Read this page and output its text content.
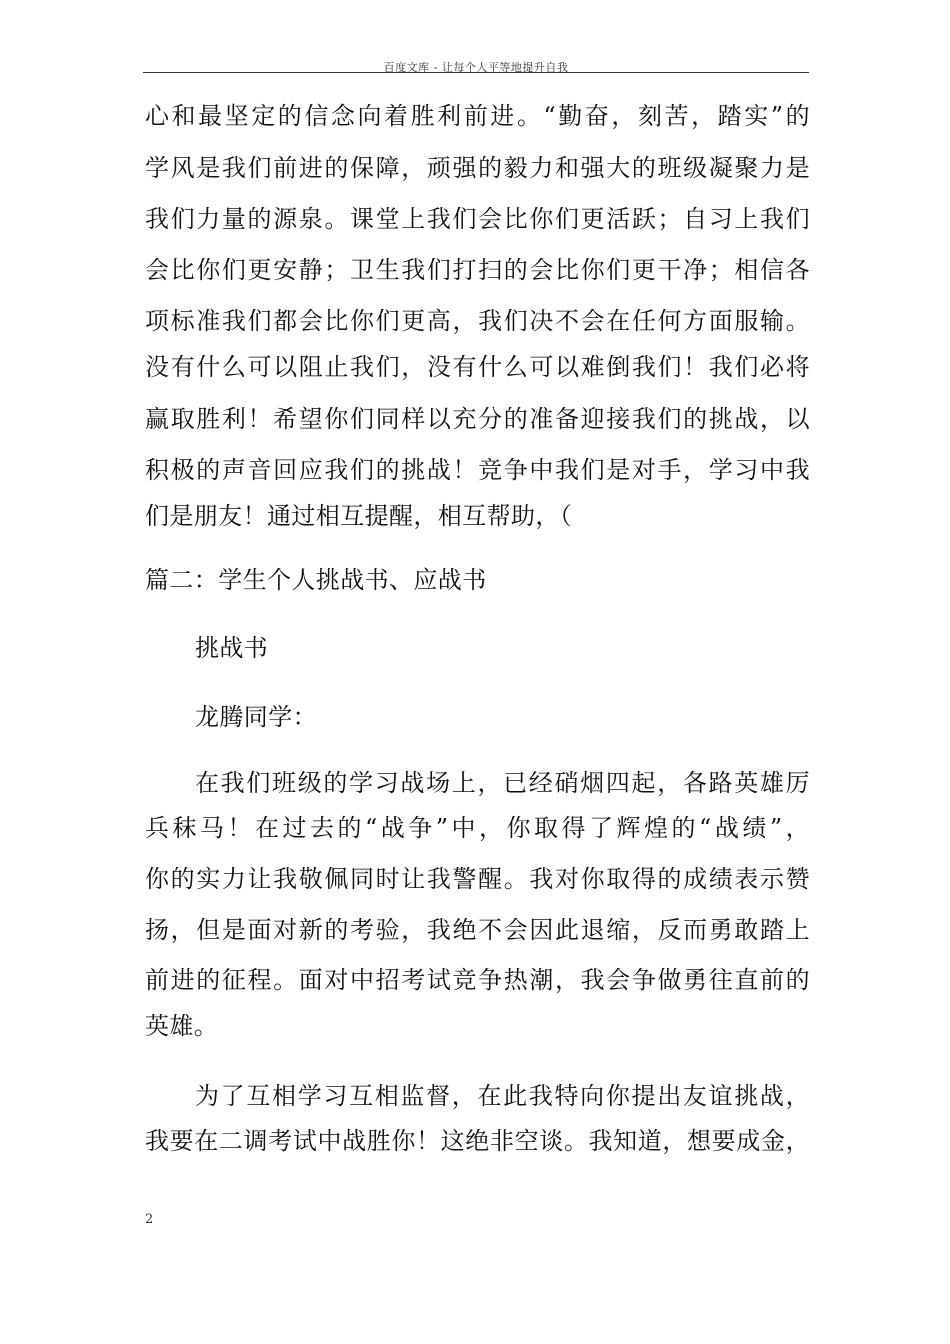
百度文库 - 让每个人平等地提升自我
心和最坚定的信念向着胜利前进。“勤奋，刻苦，踏实”的
学风是我们前进的保障，顽强的毅力和强大的班级凝聚力是
我们力量的源泉。课堂上我们会比你们更活跃；自习上我们
会比你们更安静；卫生我们打扫的会比你们更干净；相信各
项标准我们都会比你们更高，我们决不会在任何方面服输。
没有什么可以阻止我们，没有什么可以难倒我们！我们必将
赢取胜利！希望你们同样以充分的准备迎接我们的挑战，以
积极的声音回应我们的挑战！竞争中我们是对手，学习中我
们是朋友！通过相互提醒，相互帮助，（
篇二：学生个人挑战书、应战书
挑战书
龙腾同学：
在我们班级的学习战场上，已经硝烟四起，各路英雄厉
兵秣马！在过去的“战争”中，你取得了辉煌的“战绩”，
你的实力让我敬佩同时让我警醒。我对你取得的成绩表示赞
扬，但是面对新的考验，我绝不会因此退缩，反而勇敢踏上
前进的征程。面对中招考试竞争热潮，我会争做勇往直前的
英雄。
为了互相学习互相监督，在此我特向你提出友谊挑战，
我要在二调考试中战胜你！这绝非空谈。我知道，想要成金，
2
